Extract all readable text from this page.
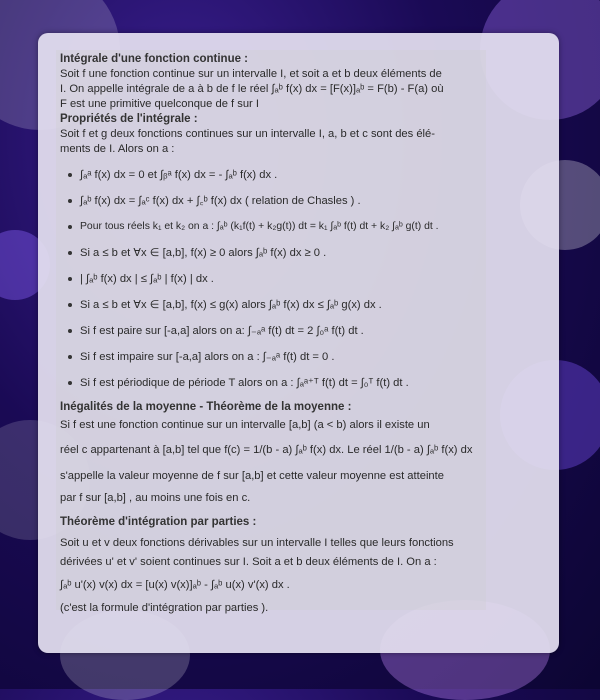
Intégrale d'une fonction continue :
Soit f une fonction continue sur un intervalle I, et soit a et b deux éléments de
I. On appelle intégrale de a à b de f le réel ∫ₐᵇ f(x) dx = [F(x)]ₐᵇ = F(b) - F(a) où
F est une primitive quelconque de f sur I
Propriétés de l'intégrale :
Soit f et g deux fonctions continues sur un intervalle I, a, b et c sont des élé-
ments de I. Alors on a :
∫ₐᵃ f(x) dx = 0 et ∫ᵦᵃ f(x) dx = - ∫ₐᵇ f(x) dx .
∫ₐᵇ f(x) dx = ∫ₐᶜ f(x) dx + ∫꜀ᵇ f(x) dx ( relation de Chasles ) .
Pour tous réels k₁ et k₂ on a : ∫ₐᵇ (k₁f(t) + k₂g(t)) dt = k₁ ∫ₐᵇ f(t) dt + k₂ ∫ₐᵇ g(t) dt .
Si a ≤ b et ∀x ∈ [a,b], f(x) ≥ 0 alors ∫ₐᵇ f(x) dx ≥ 0 .
| ∫ₐᵇ f(x) dx | ≤ ∫ₐᵇ | f(x) | dx .
Si a ≤ b et ∀x ∈ [a,b], f(x) ≤ g(x) alors ∫ₐᵇ f(x) dx ≤ ∫ₐᵇ g(x) dx .
Si f est paire sur [-a,a] alors on a: ∫₋ₐᵃ f(t) dt = 2 ∫₀ᵃ f(t) dt .
Si f est impaire sur [-a,a] alors on a : ∫₋ₐᵃ f(t) dt = 0 .
Si f est périodique de période T alors on a : ∫ₐᵃ⁺ᵀ f(t) dt = ∫₀ᵀ f(t) dt .
Inégalités de la moyenne - Théorème de la moyenne :
Si f est une fonction continue sur un intervalle [a,b] (a < b) alors il existe un
réel c appartenant à [a,b] tel que f(c) = 1/(b - a) ∫ₐᵇ f(x) dx. Le réel 1/(b - a) ∫ₐᵇ f(x) dx
s'appelle la valeur moyenne de f sur [a,b] et cette valeur moyenne est atteinte
par f sur [a,b] , au moins une fois en c.
Théorème d'intégration par parties :
Soit u et v deux fonctions dérivables sur un intervalle I telles que leurs fonctions
dérivées u' et v' soient continues sur I. Soit a et b deux éléments de I. On a :
∫ₐᵇ u'(x) v(x) dx = [u(x) v(x)]ₐᵇ - ∫ₐᵇ u(x) v'(x) dx .
(c'est la formule d'intégration par parties ).
